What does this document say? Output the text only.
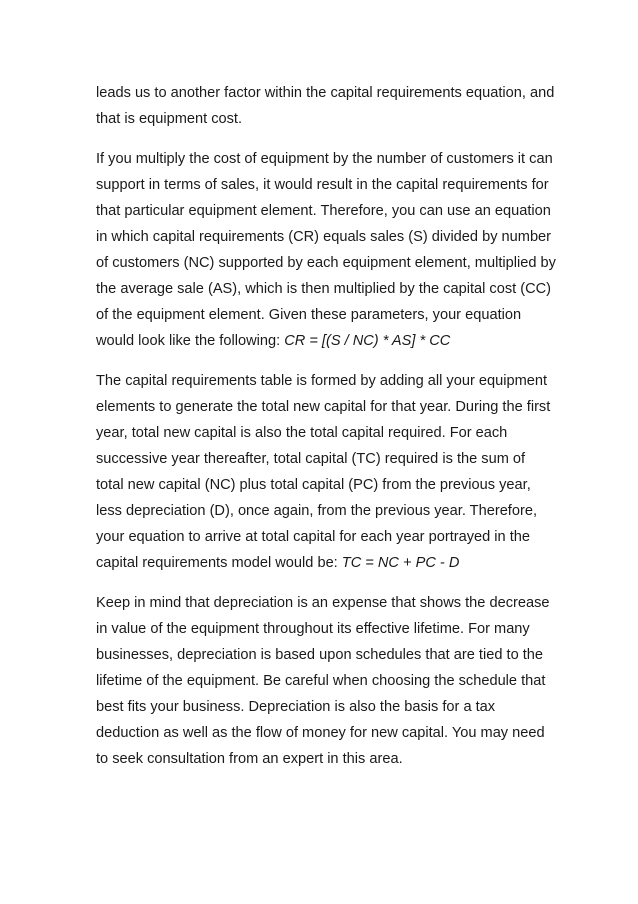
leads us to another factor within the capital requirements equation, and that is equipment cost.

If you multiply the cost of equipment by the number of customers it can support in terms of sales, it would result in the capital requirements for that particular equipment element. Therefore, you can use an equation in which capital requirements (CR) equals sales (S) divided by number of customers (NC) supported by each equipment element, multiplied by the average sale (AS), which is then multiplied by the capital cost (CC) of the equipment element. Given these parameters, your equation would look like the following: CR = [(S / NC) * AS] * CC

The capital requirements table is formed by adding all your equipment elements to generate the total new capital for that year. During the first year, total new capital is also the total capital required. For each successive year thereafter, total capital (TC) required is the sum of total new capital (NC) plus total capital (PC) from the previous year, less depreciation (D), once again, from the previous year. Therefore, your equation to arrive at total capital for each year portrayed in the capital requirements model would be: TC = NC + PC - D

Keep in mind that depreciation is an expense that shows the decrease in value of the equipment throughout its effective lifetime. For many businesses, depreciation is based upon schedules that are tied to the lifetime of the equipment. Be careful when choosing the schedule that best fits your business. Depreciation is also the basis for a tax deduction as well as the flow of money for new capital. You may need to seek consultation from an expert in this area.
